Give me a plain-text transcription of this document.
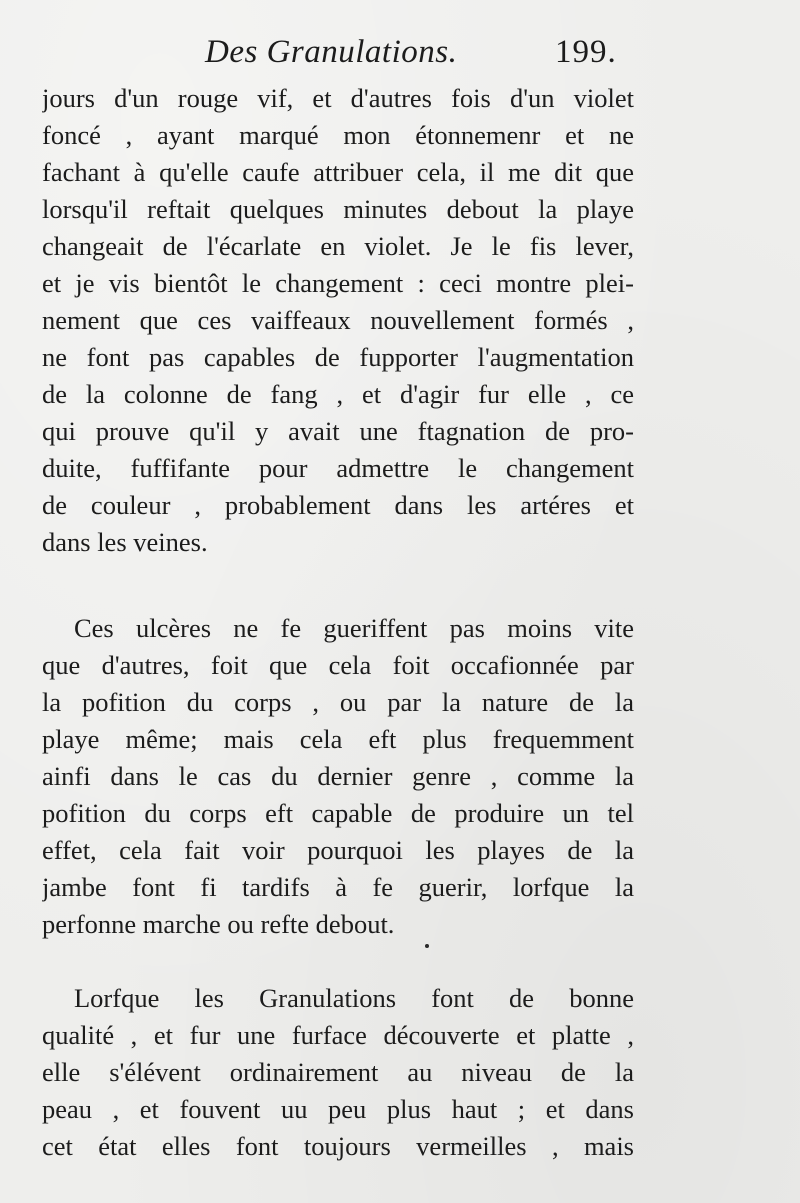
Des Granulations.	199.
jours d'un rouge vif, et d'autres fois d'un violet
foncé , ayant marqué mon étonnemenr et ne
fachant à qu'elle caufe attribuer cela, il me dit que
lorsqu'il reftait quelques minutes debout la playe
changeait de l'écarlate en violet. Je le fis lever,
et je vis bientôt le changement : ceci montre plei-
nement que ces vaiffeaux nouvellement formés ,
ne font pas capables de fupporter l'augmentation
de la colonne de fang , et d'agir fur elle , ce
qui prouve qu'il y avait une ftagnation de pro-
duite, fuffifante pour admettre le changement
de couleur , probablement dans les artéres et
dans les veines.
Ces ulcères ne fe gueriffent pas moins vite
que d'autres, foit que cela foit occafionnée par
la pofition du corps , ou par la nature de la
playe même; mais cela eft plus frequemment
ainfi dans le cas du dernier genre , comme la
pofition du corps eft capable de produire un tel
effet, cela fait voir pourquoi les playes de la
jambe font fi tardifs à fe guerir, lorfque la
perfonne marche ou refte debout.
Lorfque les Granulations font de bonne
qualité , et fur une furface découverte et platte ,
elle s'élévent ordinairement au niveau de la
peau , et fouvent uu peu plus haut ; et dans
cet état elles font toujours vermeilles , mais
